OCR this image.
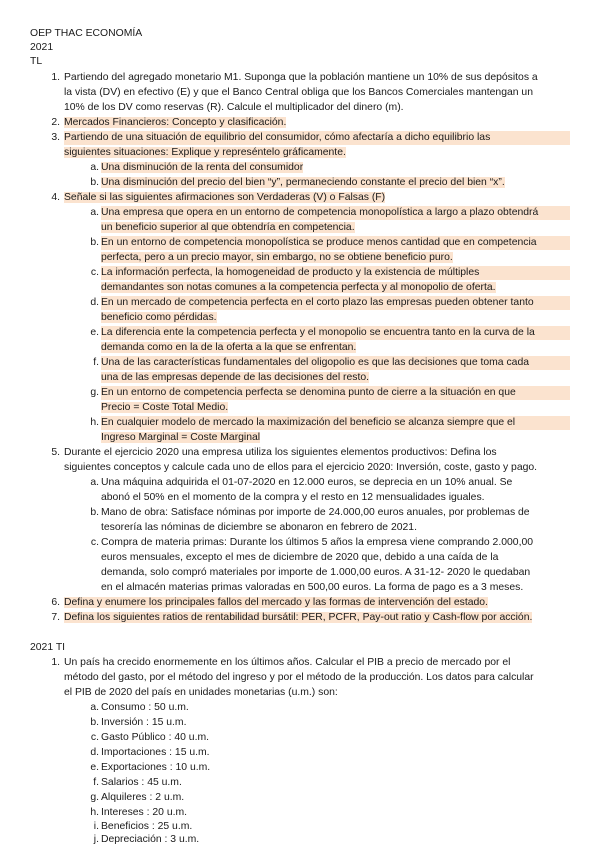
OEP THAC ECONOMÍA
2021
TL
1. Partiendo del agregado monetario M1. Suponga que la población mantiene un 10% de sus depósitos a
la vista (DV) en efectivo (E) y que el Banco Central obliga que los Bancos Comerciales mantengan un
10% de los DV como reservas (R). Calcule el multiplicador del dinero (m).
2. Mercados Financieros: Concepto y clasificación.
3. Partiendo de una situación de equilibrio del consumidor, cómo afectaría a dicho equilibrio las
siguientes situaciones: Explique y represéntelo gráficamente.
a. Una disminución de la renta del consumidor
b. Una disminución del precio del bien “y”, permaneciendo constante el precio del bien “x”.
4. Señale si las siguientes afirmaciones son Verdaderas (V) o Falsas (F)
a. Una empresa que opera en un entorno de competencia monopolística a largo a plazo obtendrá
un beneficio superior al que obtendría en competencia.
b. En un entorno de competencia monopolística se produce menos cantidad que en competencia
perfecta, pero a un precio mayor, sin embargo, no se obtiene beneficio puro.
c. La información perfecta, la homogeneidad de producto y la existencia de múltiples
demandantes son notas comunes a la competencia perfecta y al monopolio de oferta.
d. En un mercado de competencia perfecta en el corto plazo las empresas pueden obtener tanto
beneficio como pérdidas.
e. La diferencia ente la competencia perfecta y el monopolio se encuentra tanto en la curva de la
demanda como en la de la oferta a la que se enfrentan.
f. Una de las características fundamentales del oligopolio es que las decisiones que toma cada
una de las empresas depende de las decisiones del resto.
g. En un entorno de competencia perfecta se denomina punto de cierre a la situación en que
Precio = Coste Total Medio.
h. En cualquier modelo de mercado la maximización del beneficio se alcanza siempre que el
Ingreso Marginal = Coste Marginal
5. Durante el ejercicio 2020 una empresa utiliza los siguientes elementos productivos: Defina los
siguientes conceptos y calcule cada uno de ellos para el ejercicio 2020: Inversión, coste, gasto y pago.
a. Una máquina adquirida el 01-07-2020 en 12.000 euros, se deprecia en un 10% anual. Se
abonó el 50% en el momento de la compra y el resto en 12 mensualidades iguales.
b. Mano de obra: Satisface nóminas por importe de 24.000,00 euros anuales, por problemas de
tesorería las nóminas de diciembre se abonaron en febrero de 2021.
c. Compra de materia primas: Durante los últimos 5 años la empresa viene comprando 2.000,00
euros mensuales, excepto el mes de diciembre de 2020 que, debido a una caída de la
demanda, solo compró materiales por importe de 1.000,00 euros. A 31-12- 2020 le quedaban
en el almacén materias primas valoradas en 500,00 euros. La forma de pago es a 3 meses.
6. Defina y enumere los principales fallos del mercado y las formas de intervención del estado.
7. Defina los siguientes ratios de rentabilidad bursátil: PER, PCFR, Pay-out ratio y Cash-flow por acción.
2021 TI
1. Un país ha crecido enormemente en los últimos años. Calcular el PIB a precio de mercado por el
método del gasto, por el método del ingreso y por el método de la producción. Los datos para calcular
el PIB de 2020 del país en unidades monetarias (u.m.) son:
a. Consumo : 50 u.m.
b. Inversión : 15 u.m.
c. Gasto Público : 40 u.m.
d. Importaciones : 15 u.m.
e. Exportaciones : 10 u.m.
f. Salarios : 45 u.m.
g. Alquileres : 2 u.m.
h. Intereses : 20 u.m.
i. Beneficios : 25 u.m.
j. Depreciación : 3 u.m.
